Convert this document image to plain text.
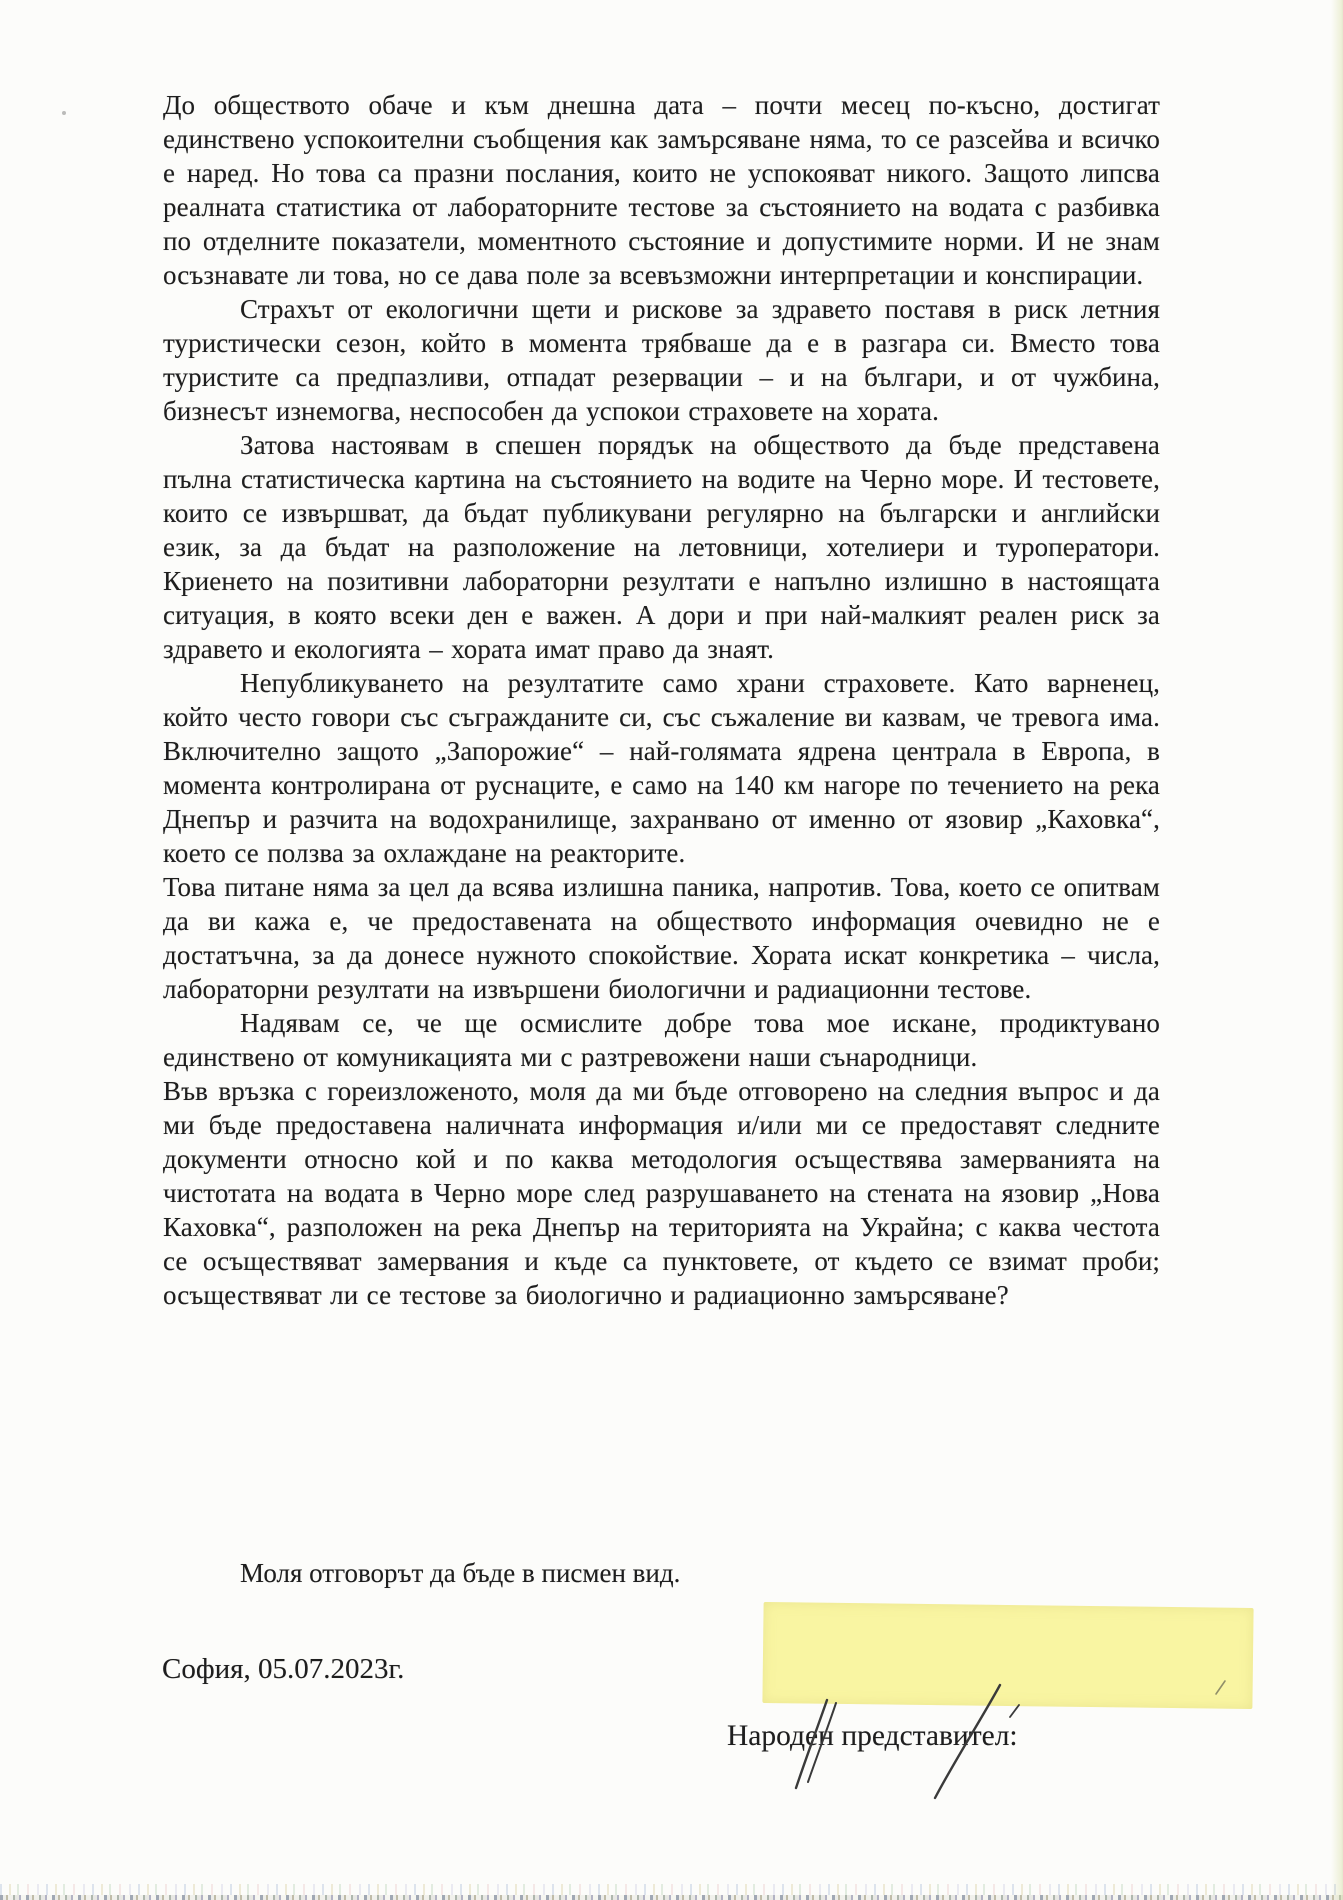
До обществото обаче и към днешна дата – почти месец по-късно, достигат единствено успокоителни съобщения как замърсяване няма, то се разсейва и всичко е наред. Но това са празни послания, които не успокояват никого. Защото липсва реалната статистика от лабораторните тестове за състоянието на водата с разбивка по отделните показатели, моментното състояние и допустимите норми. И не знам осъзнавате ли това, но се дава поле за всевъзможни интерпретации и конспирации.

Страхът от екологични щети и рискове за здравето поставя в риск летния туристически сезон, който в момента трябваше да е в разгара си. Вместо това туристите са предпазливи, отпадат резервации – и на българи, и от чужбина, бизнесът изнемогва, неспособен да успокои страховете на хората.

Затова настоявам в спешен порядък на обществото да бъде представена пълна статистическа картина на състоянието на водите на Черно море. И тестовете, които се извършват, да бъдат публикувани регулярно на български и английски език, за да бъдат на разположение на летовници, хотелиери и туроператори. Криенето на позитивни лабораторни резултати е напълно излишно в настоящата ситуация, в която всеки ден е важен. А дори и при най-малкият реален риск за здравето и екологията – хората имат право да знаят.

Непубликуването на резултатите само храни страховете. Като варненец, който често говори със съгражданите си, със съжаление ви казвам, че тревога има. Включително защото „Запорожие“ – най-голямата ядрена централа в Европа, в момента контролирана от руснаците, е само на 140 км нагоре по течението на река Днепър и разчита на водохранилище, захранвано от именно от язовир „Каховка“, което се ползва за охлаждане на реакторите.

Това питане няма за цел да всява излишна паника, напротив. Това, което се опитвам да ви кажа е, че предоставената на обществото информация очевидно не е достатъчна, за да донесе нужното спокойствие. Хората искат конкретика – числа, лабораторни резултати на извършени биологични и радиационни тестове.

Надявам се, че ще осмислите добре това мое искане, продиктувано единствено от комуникацията ми с разтревожени наши сънародници.

Във връзка с гореизложеното, моля да ми бъде отговорено на следния въпрос и да ми бъде предоставена наличната информация и/или ми се предоставят следните документи относно кой и по каква методология осъществява замерванията на чистотата на водата в Черно море след разрушаването на стената на язовир „Нова Каховка“, разположен на река Днепър на територията на Украйна; с каква честота се осъществяват замервания и къде са пунктовете, от където се взимат проби; осъществяват ли се тестове за биологично и радиационно замърсяване?

Моля отговорът да бъде в писмен вид.
София, 05.07.2023г.
Народен представител:
